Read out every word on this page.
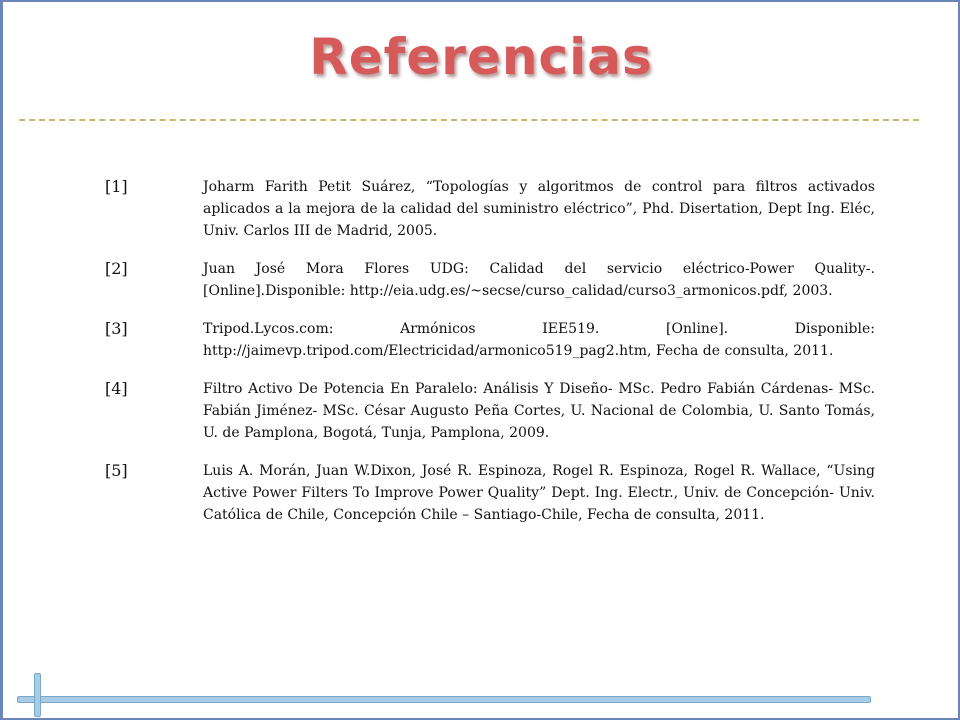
Referencias
[1]	Joharm Farith Petit Suárez, “Topologías y algoritmos de control para filtros activados aplicados a la mejora de la calidad del suministro eléctrico”, Phd. Disertation, Dept Ing. Eléc, Univ. Carlos III de Madrid, 2005.
[2]	Juan José Mora Flores UDG: Calidad del servicio eléctrico-Power Quality-. [Online].Disponible: http://eia.udg.es/~secse/curso_calidad/curso3_armonicos.pdf, 2003.
[3]	Tripod.Lycos.com: Armónicos IEE519. [Online]. Disponible: http://jaimevp.tripod.com/Electricidad/armonico519_pag2.htm, Fecha de consulta, 2011.
[4]	Filtro Activo De Potencia En Paralelo: Análisis Y Diseño- MSc. Pedro Fabián Cárdenas- MSc. Fabián Jiménez- MSc. César Augusto Peña Cortes, U. Nacional de Colombia, U. Santo Tomás, U. de Pamplona, Bogotá, Tunja, Pamplona, 2009.
[5]	Luis A. Morán, Juan W.Dixon, José R. Espinoza, Rogel R. Espinoza, Rogel R. Wallace, “Using Active Power Filters To Improve Power Quality” Dept. Ing. Electr., Univ. de Concepción- Univ. Católica de Chile, Concepción Chile – Santiago-Chile, Fecha de consulta, 2011.
